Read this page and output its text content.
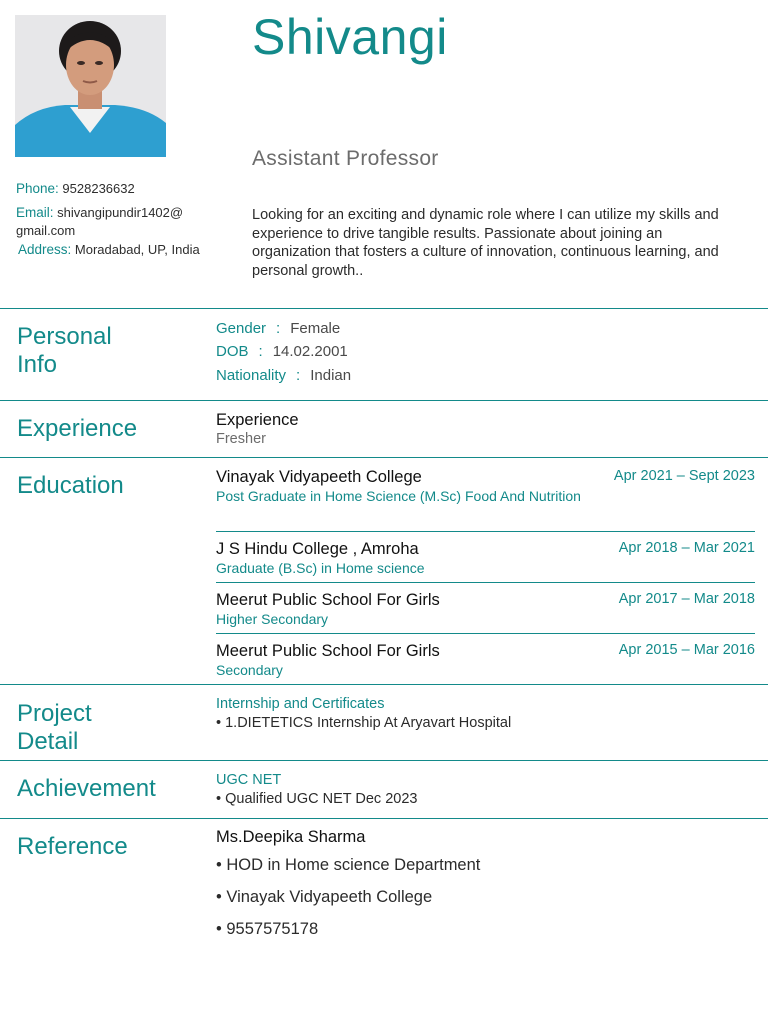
Shivangi
Assistant Professor
Looking for an exciting and dynamic role where I can utilize my skills and experience to drive tangible results. Passionate about joining an organization that fosters a culture of innovation, continuous learning, and personal growth..
Phone: 9528236632
Email: shivangipundir1402@ gmail.com
Address: Moradabad, UP, India
Personal
Info
Gender : Female
DOB : 14.02.2001
Nationality : Indian
Experience	Experience
Fresher
Education	Vinayak Vidyapeeth College	Apr 2021 – Sept 2023
Post Graduate in Home Science (M.Sc) Food And Nutrition
J S Hindu College , Amroha	Apr 2018 – Mar 2021
Graduate (B.Sc) in Home science
Meerut Public School For Girls	Apr 2017 – Mar 2018
Higher Secondary
Meerut Public School For Girls	Apr 2015 – Mar 2016
Secondary
Project
Detail
Internship and Certificates
• 1.DIETETICS Internship At Aryavart Hospital
Achievement	UGC NET
• Qualified UGC NET Dec 2023
Reference	Ms.Deepika Sharma
• HOD in Home science Department
• Vinayak Vidyapeeth College
• 9557575178
